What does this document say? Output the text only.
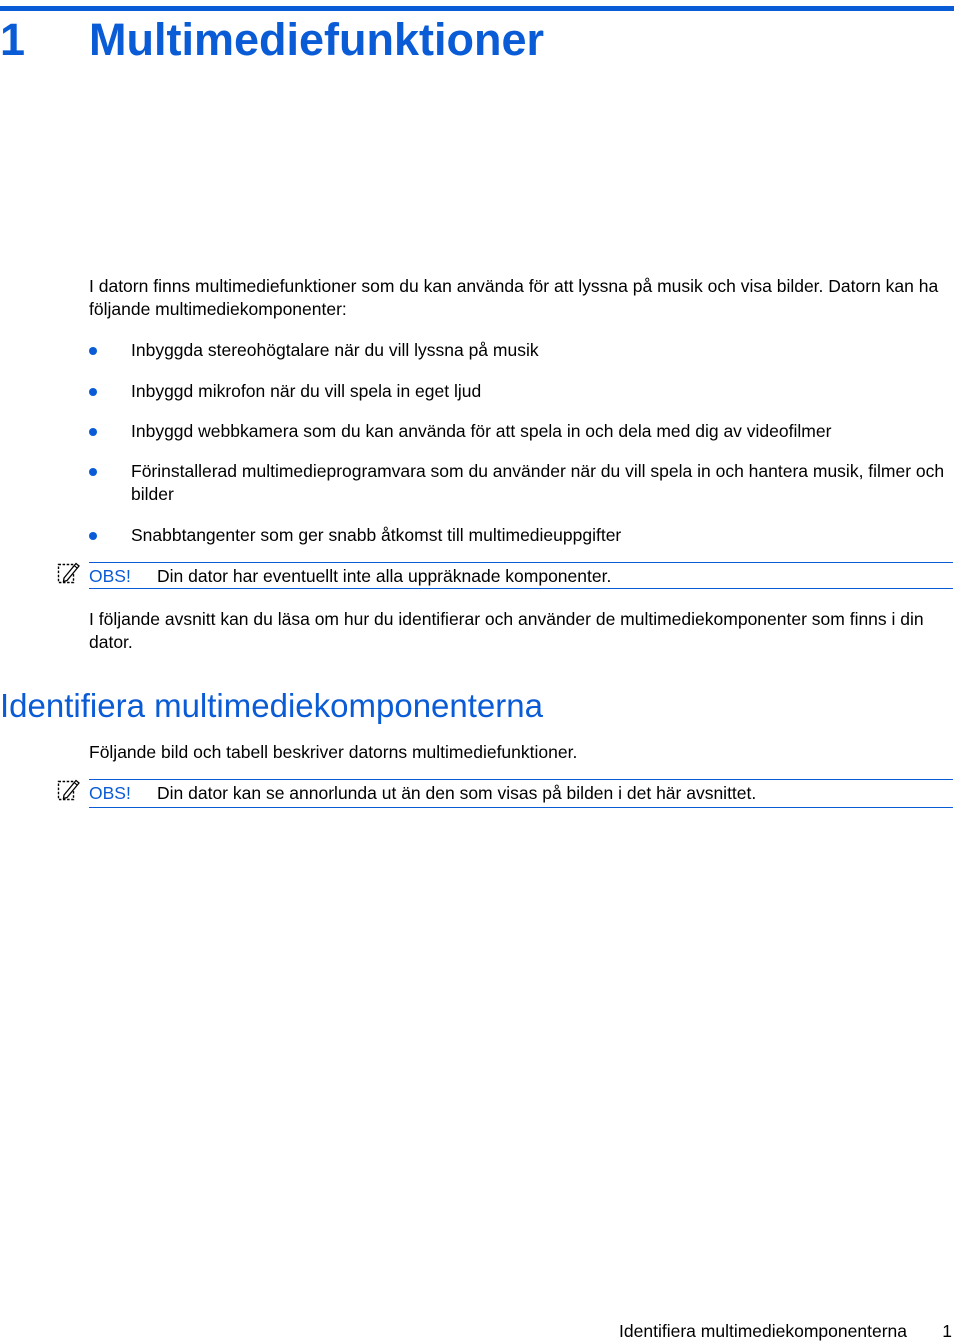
1 Multimediefunktioner

I datorn finns multimediefunktioner som du kan använda för att lyssna på musik och visa bilder. Datorn kan ha följande multimediekomponenter:

Inbyggda stereohögtalare när du vill lyssna på musik
Inbyggd mikrofon när du vill spela in eget ljud
Inbyggd webbkamera som du kan använda för att spela in och dela med dig av videofilmer
Förinstallerad multimedieprogramvara som du använder när du vill spela in och hantera musik, filmer och bilder
Snabbtangenter som ger snabb åtkomst till multimedieuppgifter
OBS! Din dator har eventuellt inte alla uppräknade komponenter.

I följande avsnitt kan du läsa om hur du identifierar och använder de multimediekomponenter som finns i din dator.

Identifiera multimediekomponenterna

Följande bild och tabell beskriver datorns multimediefunktioner.

OBS! Din dator kan se annorlunda ut än den som visas på bilden i det här avsnittet.
Identifiera multimediekomponenterna 1
